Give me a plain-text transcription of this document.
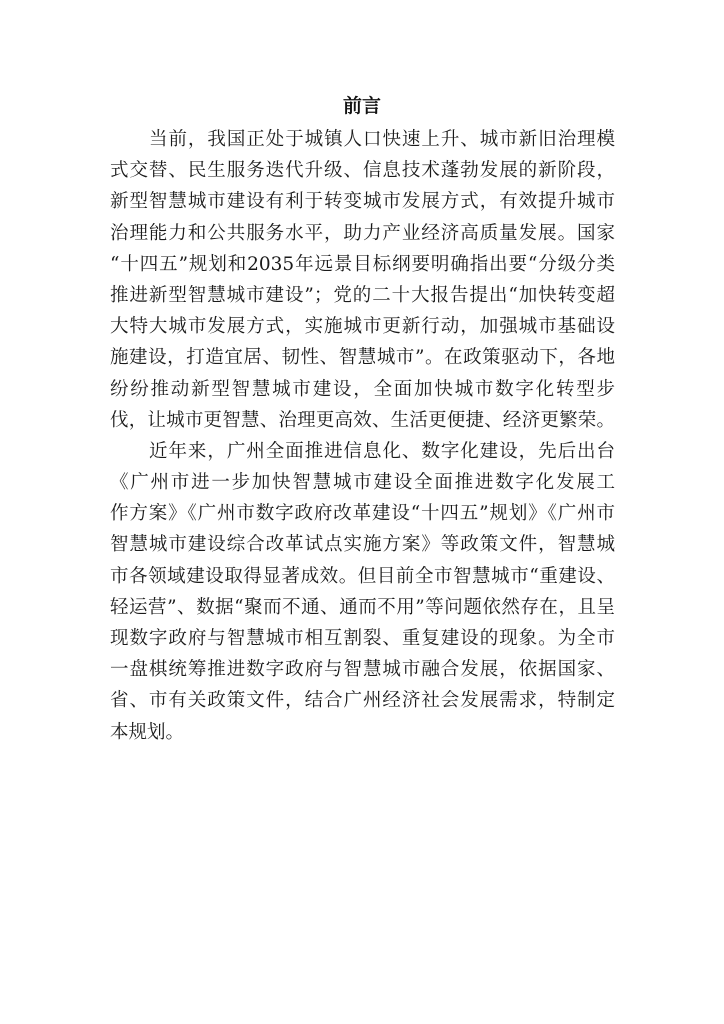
前言
当前，我国正处于城镇人口快速上升、城市新旧治理模
式交替、民生服务迭代升级、信息技术蓬勃发展的新阶段，
新型智慧城市建设有利于转变城市发展方式，有效提升城市
治理能力和公共服务水平，助力产业经济高质量发展。国家
“十四五”规划和2035年远景目标纲要明确指出要“分级分类
推进新型智慧城市建设”；党的二十大报告提出“加快转变超
大特大城市发展方式，实施城市更新行动，加强城市基础设
施建设，打造宜居、韧性、智慧城市”。在政策驱动下，各地
纷纷推动新型智慧城市建设，全面加快城市数字化转型步
伐，让城市更智慧、治理更高效、生活更便捷、经济更繁荣。
近年来，广州全面推进信息化、数字化建设，先后出台
《广州市进一步加快智慧城市建设全面推进数字化发展工
作方案》《广州市数字政府改革建设“十四五”规划》《广州市
智慧城市建设综合改革试点实施方案》等政策文件，智慧城
市各领域建设取得显著成效。但目前全市智慧城市“重建设、
轻运营”、数据“聚而不通、通而不用”等问题依然存在，且呈
现数字政府与智慧城市相互割裂、重复建设的现象。为全市
一盘棋统筹推进数字政府与智慧城市融合发展，依据国家、
省、市有关政策文件，结合广州经济社会发展需求，特制定
本规划。
